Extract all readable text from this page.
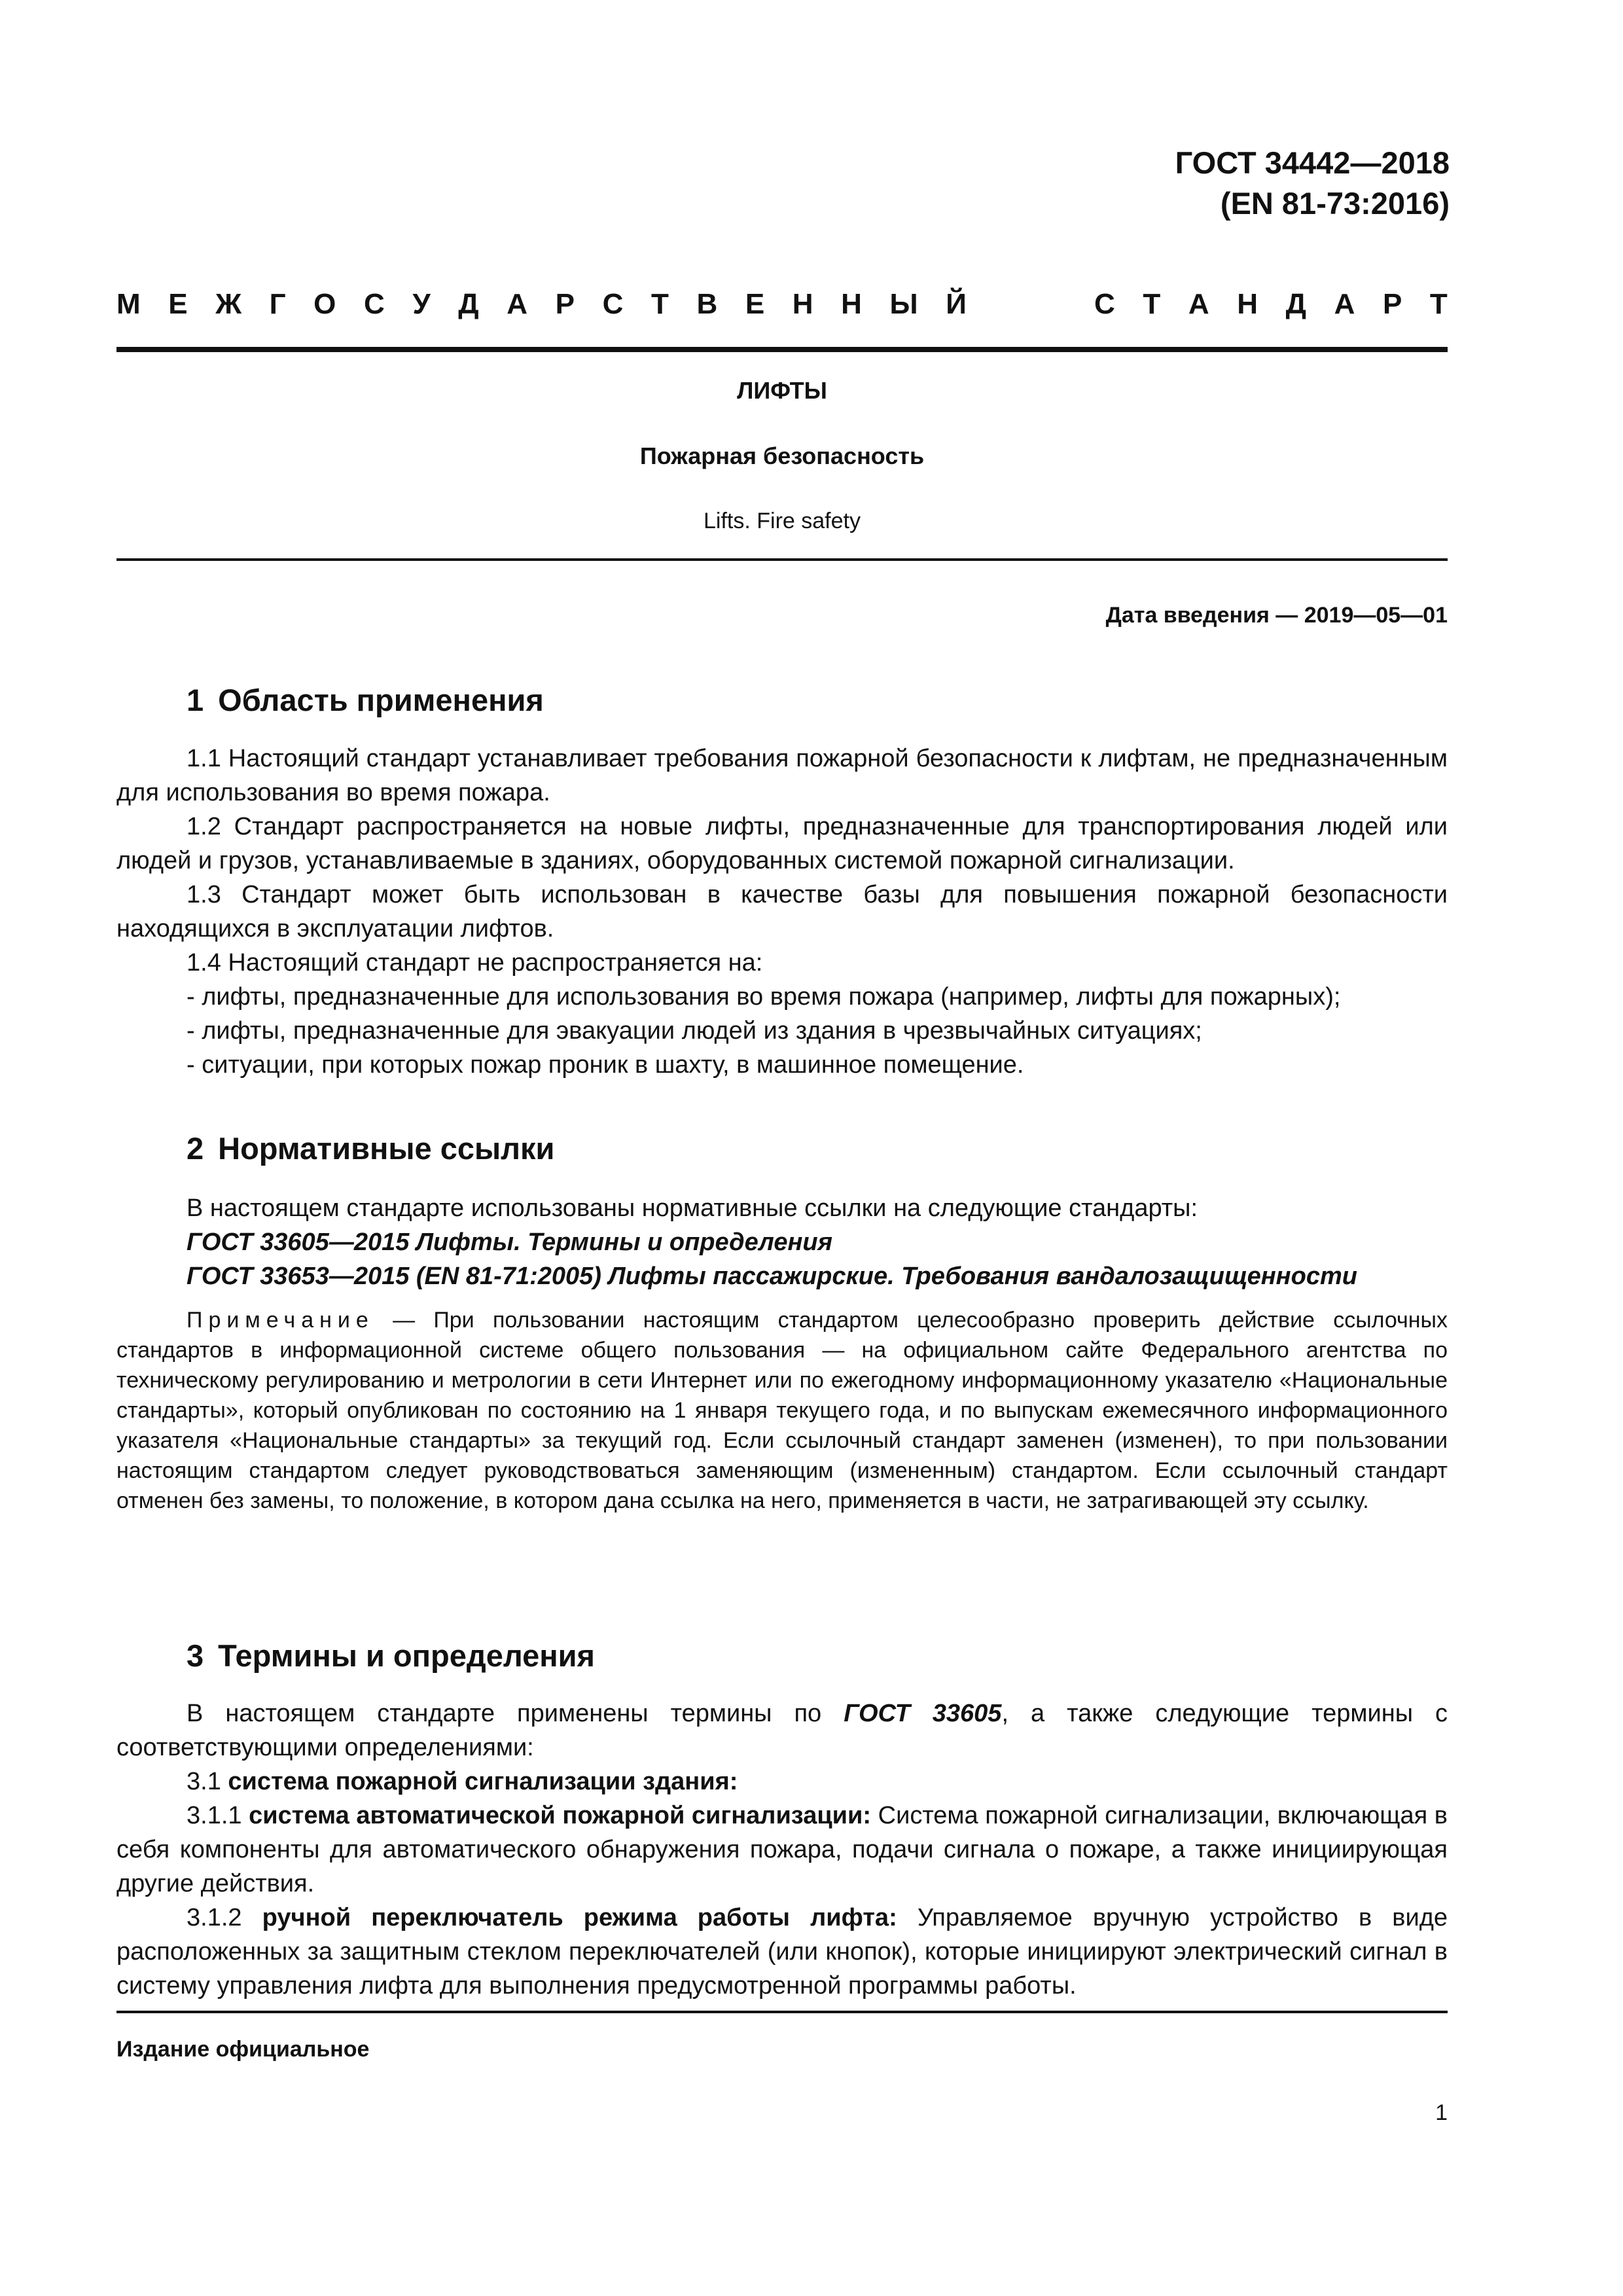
ГОСТ 34442—2018
(EN 81-73:2016)
М Е Ж Г О С У Д А Р С Т В Е Н Н Ы Й	С Т А Н Д А Р Т
ЛИФТЫ
Пожарная безопасность
Lifts. Fire safety
Дата введения — 2019—05—01
1 Область применения

1.1 Настоящий стандарт устанавливает требования пожарной безопасности к лифтам, не предназначенным для использования во время пожара.

1.2 Стандарт распространяется на новые лифты, предназначенные для транспортирования людей или людей и грузов, устанавливаемые в зданиях, оборудованных системой пожарной сигнализации.

1.3 Стандарт может быть использован в качестве базы для повышения пожарной безопасности находящихся в эксплуатации лифтов.

1.4 Настоящий стандарт не распространяется на:

- лифты, предназначенные для использования во время пожара (например, лифты для пожарных);

- лифты, предназначенные для эвакуации людей из здания в чрезвычайных ситуациях;

- ситуации, при которых пожар проник в шахту, в машинное помещение.

2 Нормативные ссылки

В настоящем стандарте использованы нормативные ссылки на следующие стандарты:

ГОСТ 33605—2015 Лифты. Термины и определения

ГОСТ 33653—2015 (EN 81-71:2005) Лифты пассажирские. Требования вандалозащищенности

Примечание — При пользовании настоящим стандартом целесообразно проверить действие ссылочных стандартов в информационной системе общего пользования — на официальном сайте Федерального агентства по техническому регулированию и метрологии в сети Интернет или по ежегодному информационному указателю «Национальные стандарты», который опубликован по состоянию на 1 января текущего года, и по выпускам ежемесячного информационного указателя «Национальные стандарты» за текущий год. Если ссылочный стандарт заменен (изменен), то при пользовании настоящим стандартом следует руководствоваться заменяющим (измененным) стандартом. Если ссылочный стандарт отменен без замены, то положение, в котором дана ссылка на него, применяется в части, не затрагивающей эту ссылку.

3 Термины и определения

В настоящем стандарте применены термины по ГОСТ 33605, а также следующие термины с соответствующими определениями:

3.1 система пожарной сигнализации здания:

3.1.1 система автоматической пожарной сигнализации: Система пожарной сигнализации, включающая в себя компоненты для автоматического обнаружения пожара, подачи сигнала о пожаре, а также инициирующая другие действия.

3.1.2 ручной переключатель режима работы лифта: Управляемое вручную устройство в виде расположенных за защитным стеклом переключателей (или кнопок), которые инициируют электрический сигнал в систему управления лифта для выполнения предусмотренной программы работы.

Издание официальное
1
